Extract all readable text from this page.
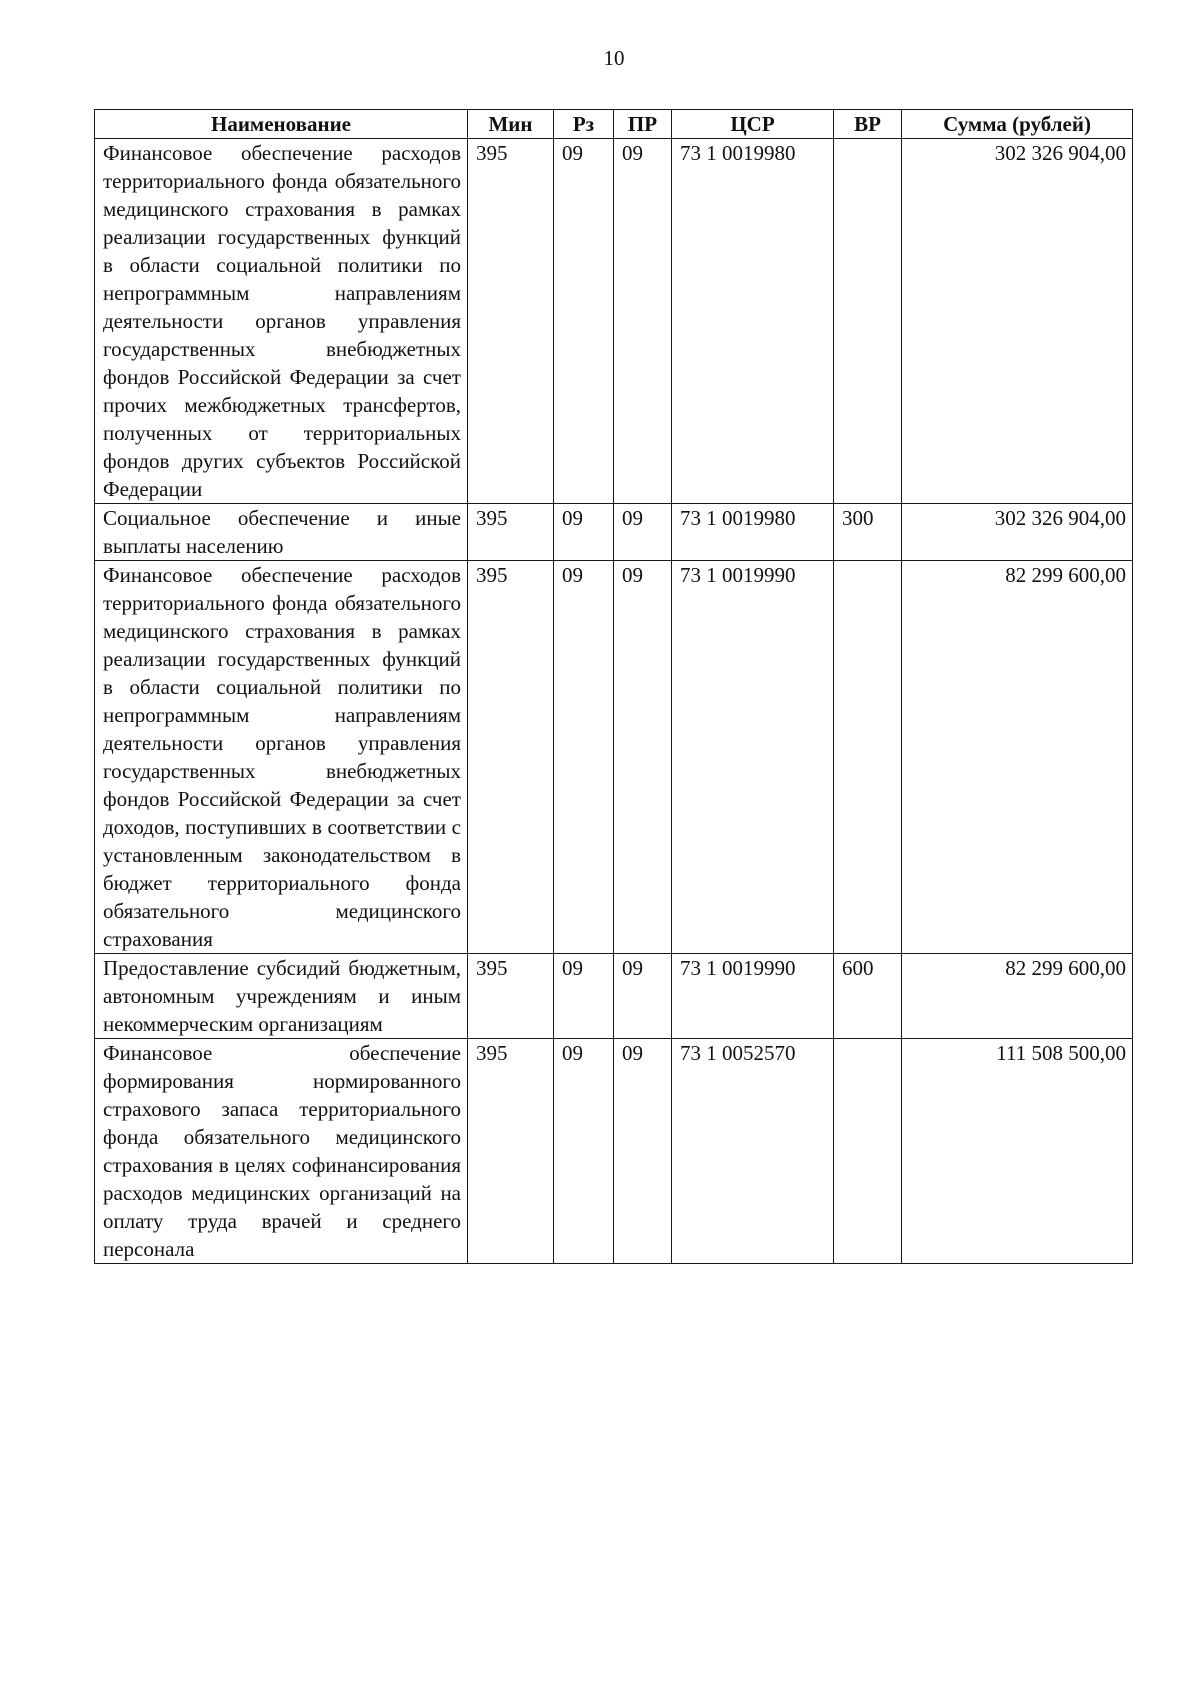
10
Наименование	Мин	Рз	ПР	ЦСР	ВР	Сумма (рублей)
Финансовое обеспечение расходов территориального фонда обязательного медицинского страхования в рамках реализации государственных функций в области социальной политики по непрограммным направлениям деятельности органов управления государственных внебюджетных фондов Российской Федерации за счет прочих межбюджетных трансфертов, полученных от территориальных фондов других субъектов Российской Федерации	395	09	09	73 1 0019980		302 326 904,00
Социальное обеспечение и иные выплаты населению	395	09	09	73 1 0019980	300	302 326 904,00
Финансовое обеспечение расходов территориального фонда обязательного медицинского страхования в рамках реализации государственных функций в области социальной политики по непрограммным направлениям деятельности органов управления государственных внебюджетных фондов Российской Федерации за счет доходов, поступивших в соответствии с установленным законодательством в бюджет территориального фонда обязательного медицинского страхования	395	09	09	73 1 0019990		82 299 600,00
Предоставление субсидий бюджетным, автономным учреждениям и иным некоммерческим организациям	395	09	09	73 1 0019990	600	82 299 600,00
Финансовое обеспечение формирования нормированного страхового запаса территориального фонда обязательного медицинского страхования в целях софинансирования расходов медицинских организаций на оплату труда врачей и среднего персонала	395	09	09	73 1 0052570		111 508 500,00
